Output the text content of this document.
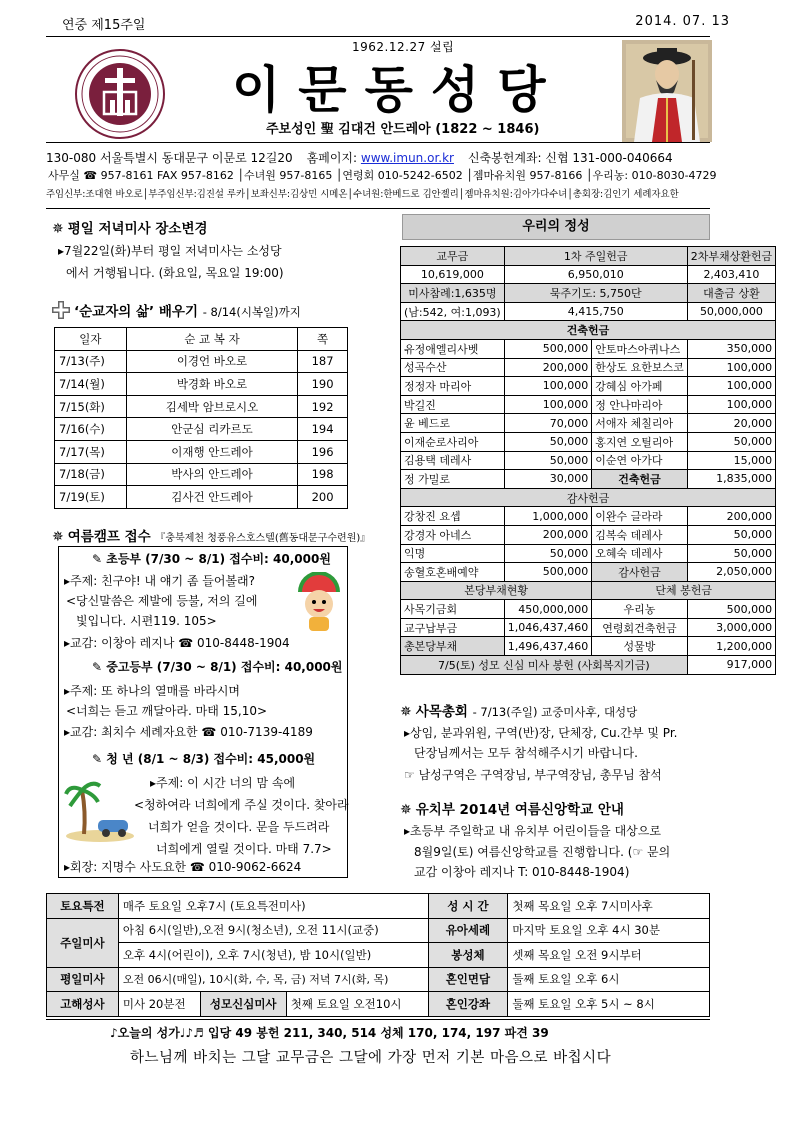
연중 제15주일	2014. 07. 13
1962.12.27 설립
이문동성당
주보성인 聖 김대건 안드레아 (1822 ~ 1846)
130-080 서울특별시 동대문구 이문로 12길20 홈페이지: www.imun.or.kr 신축봉헌계좌: 신협 131-000-040664
사무실 ☎ 957-8161 FAX 957-8162 │수녀원 957-8165 │연령회 010-5242-6502 │젬마유치원 957-8166 │우리농: 010-8030-4729
주임신부:조대현 바오로│부주임신부:김진설 루카│보좌신부:김상민 시메온│수녀원:한베드로 김안젤리│젬마유치원:김아가다수녀│총회장:김인기 세례자요한
✵ 평일 저녁미사 장소변경
▸7월22일(화)부터 평일 저녁미사는 소성당
에서 거행됩니다. (화요일, 목요일 19:00)
‘순교자의 삶’ 배우기 - 8/14(시복일)까지
일자	순 교 복 자	쪽
7/13(주)	이경언 바오로	187
7/14(월)	박경화 바오로	190
7/15(화)	김세박 암브로시오	192
7/16(수)	안군심 리카르도	194
7/17(목)	이재행 안드레아	196
7/18(금)	박사의 안드레아	198
7/19(토)	김사건 안드레아	200
✵ 여름캠프 접수 『충북제천 청풍유스호스텔(舊동대문구수련원)』
✎ 초등부 (7/30 ~ 8/1) 접수비: 40,000원
▸주제: 친구야! 내 얘기 좀 들어볼래?
<당신말씀은 제발에 등불, 저의 길에
빛입니다. 시편119. 105>
▸교감: 이창아 레지나 ☎ 010-8448-1904
✎ 중고등부 (7/30 ~ 8/1) 접수비: 40,000원
▸주제: 또 하나의 열매를 바라시며
<너희는 듣고 깨달아라. 마태 15,10>
▸교감: 최치수 세례자요한 ☎ 010-7139-4189
✎ 청 년 (8/1 ~ 8/3) 접수비: 45,000원
▸주제: 이 시간 너의 맘 속에
<청하여라 너희에게 주실 것이다. 찾아라
너희가 얻을 것이다. 문을 두드려라
너희에게 열릴 것이다. 마태 7.7>
▸회장: 지명수 사도요한 ☎ 010-9062-6624
우리의 정성
교무금	1차 주일헌금		2차부채상환헌금
10,619,000	6,950,010		2,403,410
미사참례:1,635명	묵주기도: 5,750단		대출금 상환
(남:542, 여:1,093)	4,415,750		50,000,000
건축헌금			
유정애엘리사벳	500,000	안토마스아퀴나스	350,000
성곡수산	200,000	한상도 요한보스코	100,000
정정자 마리아	100,000	강혜심 아가페	100,000
박길진	100,000	정 안나마리아	100,000
윤 베드로	70,000	서애자 체칠리아	20,000
이재순로사리아	50,000	홍지연 오틸리아	50,000
김용택 데레사	50,000	이순연 아가다	15,000
정 가밀로	30,000	건축헌금	1,835,000
감사헌금			
강창진 요셉	1,000,000	이완수 글라라	200,000
강경자 아네스	200,000	김복숙 데레사	50,000
익명	50,000	오혜숙 데레사	50,000
송혈호혼배예약	500,000	감사헌금	2,050,000
본당부채현황		단체 봉헌금	
사목기금회	450,000,000	우리농	500,000
교구납부금	1,046,437,460	연령회건축헌금	3,000,000
총본당부채	1,496,437,460	성물방	1,200,000
7/5(토) 성모 신심 미사 봉헌 (사회복지기금)			917,000
✵ 사목총회 - 7/13(주일) 교중미사후, 대성당
▸상임, 분과위원, 구역(반)장, 단체장, Cu.간부 및 Pr.
단장님께서는 모두 참석해주시기 바랍니다.
☞ 남성구역은 구역장님, 부구역장님, 총무님 참석
✵ 유치부 2014년 여름신앙학교 안내
▸초등부 주일학교 내 유치부 어린이들을 대상으로
8월9일(토) 여름신앙학교를 진행합니다. (☞ 문의
교감 이창아 레지나 T: 010-8448-1904)
토요특전	매주 토요일 오후7시 (토요특전미사)			성 시 간	첫째 목요일 오후 7시미사후
주일미사	아침 6시(일반),오전 9시(청소년), 오전 11시(교중)			유아세례	마지막 토요일 오후 4시 30분
	오후 4시(어린이), 오후 7시(청년), 밤 10시(일반)			봉성체	셋째 목요일 오전 9시부터
평일미사	오전 06시(매일), 10시(화, 수, 목, 금) 저녁 7시(화, 목)			혼인면담	둘째 토요일 오후 6시
고해성사	미사 20분전	성모신심미사	첫째 토요일 오전10시	혼인강좌	둘째 토요일 오후 5시 ~ 8시
♪오늘의 성가♩♪♬ 입당 49 봉헌 211, 340, 514 성체 170, 174, 197 파견 39
하느님께 바치는 그달 교무금은 그달에 가장 먼저 기본 마음으로 바칩시다
